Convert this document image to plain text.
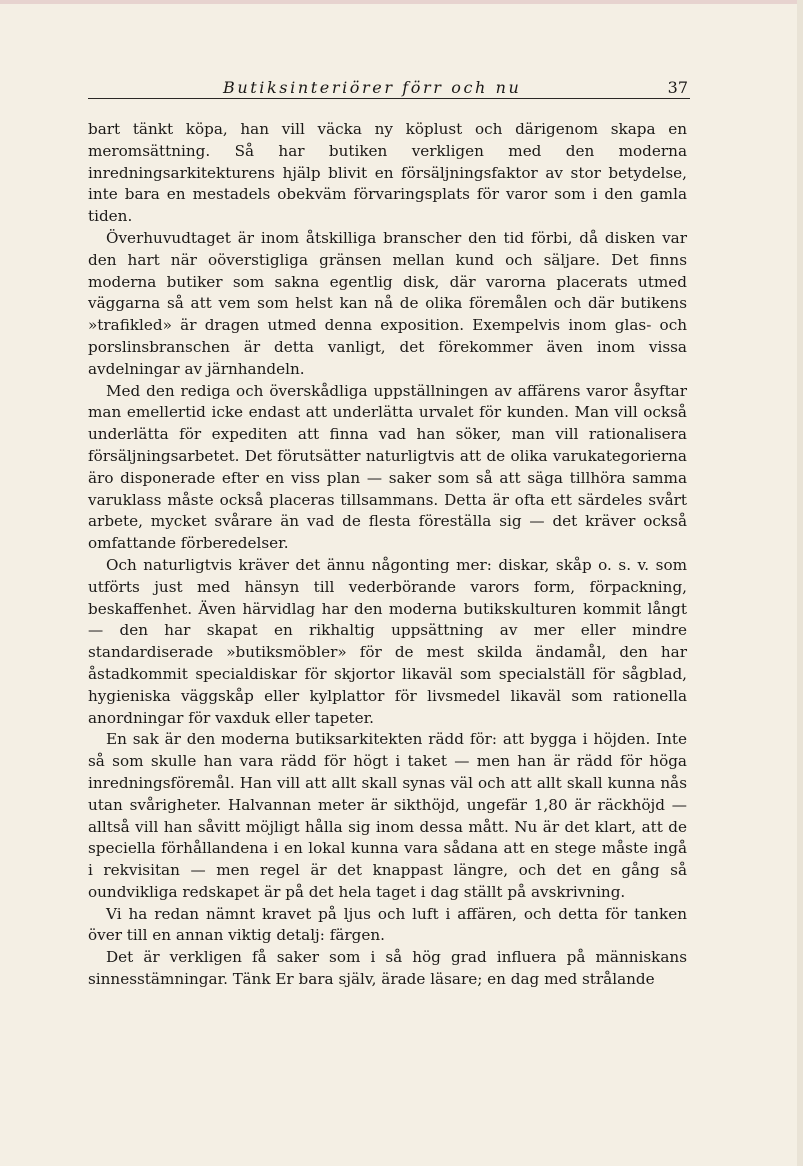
Butiksinteriörer förr och nu	37

bart tänkt köpa, han vill väcka ny köplust och därigenom skapa en meromsättning. Så har butiken verkligen med den moderna inredningsarkitekturens hjälp blivit en försäljningsfaktor av stor betydelse, inte bara en mestadels obekväm förvaringsplats för varor som i den gamla tiden.

Överhuvudtaget är inom åtskilliga branscher den tid förbi, då disken var den hart när oöverstigliga gränsen mellan kund och säljare. Det finns moderna butiker som sakna egentlig disk, där varorna placerats utmed väggarna så att vem som helst kan nå de olika föremålen och där butikens »trafikled» är dragen utmed denna exposition. Exempelvis inom glas- och porslinsbranschen är detta vanligt, det förekommer även inom vissa avdelningar av järnhandeln.

Med den rediga och överskådliga uppställningen av affärens varor åsyftar man emellertid icke endast att underlätta urvalet för kunden. Man vill också underlätta för expediten att finna vad han söker, man vill rationalisera försäljningsarbetet. Det förutsätter naturligtvis att de olika varukategorierna äro disponerade efter en viss plan — saker som så att säga tillhöra samma varuklass måste också placeras tillsammans. Detta är ofta ett särdeles svårt arbete, mycket svårare än vad de flesta föreställa sig — det kräver också omfattande förberedelser.

Och naturligtvis kräver det ännu någonting mer: diskar, skåp o. s. v. som utförts just med hänsyn till vederbörande varors form, förpackning, beskaffenhet. Även härvidlag har den moderna butikskulturen kommit långt — den har skapat en rikhaltig uppsättning av mer eller mindre standardiserade »butiksmöbler» för de mest skilda ändamål, den har åstadkommit specialdiskar för skjortor likaväl som specialställ för sågblad, hygieniska väggskåp eller kylplattor för livsmedel likaväl som rationella anordningar för vaxduk eller tapeter.

En sak är den moderna butiksarkitekten rädd för: att bygga i höjden. Inte så som skulle han vara rädd för högt i taket — men han är rädd för höga inredningsföremål. Han vill att allt skall synas väl och att allt skall kunna nås utan svårigheter. Halvannan meter är sikthöjd, ungefär 1,80 är räckhöjd — alltså vill han såvitt möjligt hålla sig inom dessa mått. Nu är det klart, att de speciella förhållandena i en lokal kunna vara sådana att en stege måste ingå i rekvisitan — men regel är det knappast längre, och det en gång så oundvikliga redskapet är på det hela taget i dag ställt på avskrivning.

Vi ha redan nämnt kravet på ljus och luft i affären, och detta för tanken över till en annan viktig detalj: färgen.

Det är verkligen få saker som i så hög grad influera på människans sinnesstämningar. Tänk Er bara själv, ärade läsare; en dag med strålande
